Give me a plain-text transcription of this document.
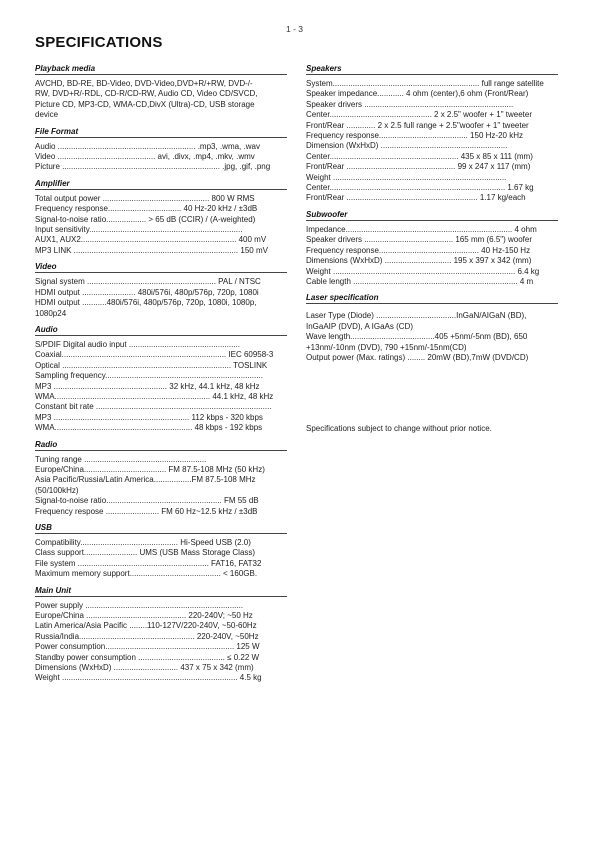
1 - 3
SPECIFICATIONS
Playback media
AVCHD, BD-RE, BD-Video, DVD-Video,DVD+R/+RW, DVD-/-
RW, DVD+R/-RDL, CD-R/CD-RW, Audio CD, Video CD/SVCD,
Picture CD, MP3-CD, WMA-CD,DivX (Ultra)-CD, USB storage
device
File Format
Audio .............................................................. .mp3, .wma, .wav
Video ............................................ avi, .divx, .mp4, .mkv, .wmv
Picture ....................................................................... .jpg, .gif, .png
Amplifier
Total output power ................................................ 800 W RMS
Frequency response................................. 40 Hz-20 kHz / ±3dB
Signal-to-noise ratio.................. > 65 dB (CCIR) / (A-weighted)
Input sensitivity.....................................................................
AUX1, AUX2...................................................................... 400 mV
MP3 LINK .......................................................................... 150 mV
Video
Signal system .......................................................... PAL / NTSC
HDMI output ........................ 480i/576i, 480p/576p, 720p, 1080i
HDMI output ...........480i/576i, 480p/576p, 720p, 1080i, 1080p,
1080p24
Audio
S/PDIF Digital audio input ..................................................
Coaxial.......................................................................... IEC 60958-3
Optical ............................................................................ TOSLINK
Sampling frequency.......................................................................
MP3 ................................................... 32 kHz, 44.1 kHz, 48 kHz
WMA...................................................................... 44.1 kHz, 48 kHz
Constant bit rate ...............................................................................
MP3 ............................................................. 112 kbps - 320 kbps
WMA.............................................................. 48 kbps - 192 kbps
Radio
Tuning range .......................................................
Europe/China..................................... FM 87.5-108 MHz (50 kHz)
Asia Pacific/Russia/Latin America.................FM 87.5-108 MHz
(50/100kHz)
Signal-to-noise ratio.................................................... FM 55 dB
Frequency respose ........................ FM 60 Hz~12.5 kHz / ±3dB
USB
Compatibility............................................ Hi-Speed USB (2.0)
Class support........................ UMS (USB Mass Storage Class)
File system ........................................................... FAT16, FAT32
Maximum memory support......................................... < 160GB.
Main Unit
Power supply .......................................................................
Europe/China ............................................. 220-240V; ~50 Hz
Latin America/Asia Pacific ........110-127V/220-240V, ~50-60Hz
Russia/India.................................................... 220-240V, ~50Hz
Power consumption.......................................................... 125 W
Standby power consumption ....................................... ≤ 0.22 W
Dimensions (WxHxD) ............................. 437 x 75 x 342 (mm)
Weight ............................................................................... 4.5 kg
Speakers
System.................................................................. full range satellite
Speaker impedance............ 4 ohm (center),6 ohm (Front/Rear)
Speaker drivers ...................................................................
Center.............................................. 2 x 2.5" woofer + 1" tweeter
Front/Rear ............. 2 x 2.5 full range + 2.5"woofer + 1" tweeter
Frequency response........................................ 150 Hz-20 kHz
Dimension (WxHxD) .........................................................
Center.......................................................... 435 x 85 x 111 (mm)
Front/Rear ................................................. 99 x 247 x 117 (mm)
Weight ..............................................................................
Center............................................................................... 1.67 kg
Front/Rear ........................................................... 1.17 kg/each
Subwoofer
Impedance........................................................................... 4 ohm
Speaker drivers ........................................ 165 mm (6.5") woofer
Frequency response............................................. 40 Hz-150 Hz
Dimensions (WxHxD) .............................. 195 x 397 x 342 (mm)
Weight .................................................................................. 6.4 kg
Cable length .......................................................................... 4 m
Laser specification
Laser Type (Diode) ....................................InGaN/AIGaN (BD),
InGaAIP (DVD), A IGaAs (CD)
Wave length......................................405 +5nm/-5nm (BD), 650
+13nm/-10nm (DVD), 790 +15nm/-15nm(CD)
Output power (Max. ratings) ........ 20mW (BD),7mW (DVD/CD)
Specifications subject to change without prior notice.
